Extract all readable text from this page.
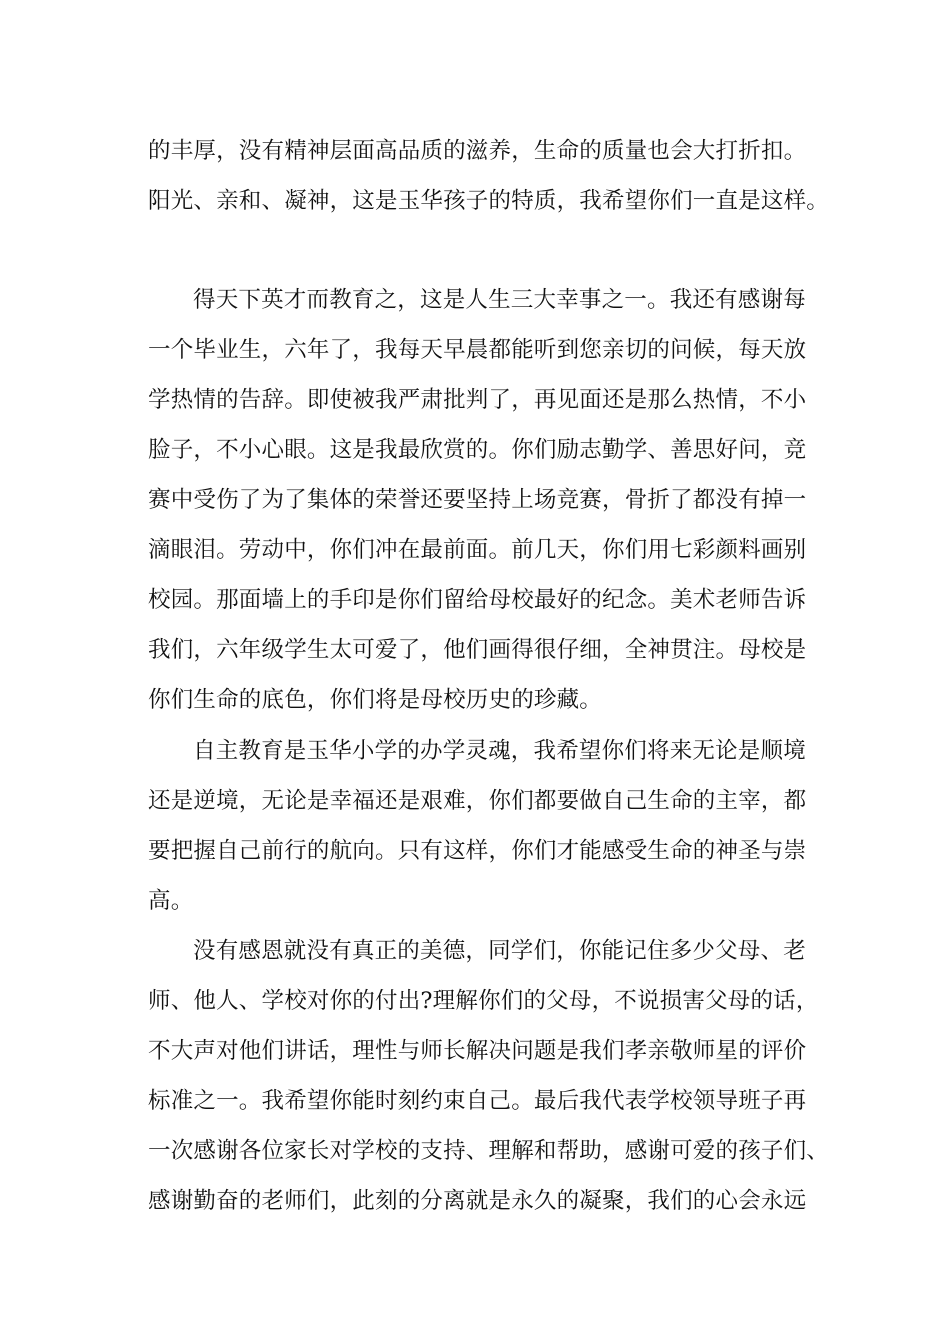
的丰厚，没有精神层面高品质的滋养，生命的质量也会大打折扣。
阳光、亲和、凝神，这是玉华孩子的特质，我希望你们一直是这样。
得天下英才而教育之，这是人生三大幸事之一。我还有感谢每
一个毕业生，六年了，我每天早晨都能听到您亲切的问候，每天放
学热情的告辞。即使被我严肃批判了，再见面还是那么热情，不小
脸子，不小心眼。这是我最欣赏的。你们励志勤学、善思好问，竞
赛中受伤了为了集体的荣誉还要坚持上场竞赛，骨折了都没有掉一
滴眼泪。劳动中，你们冲在最前面。前几天，你们用七彩颜料画别
校园。那面墙上的手印是你们留给母校最好的纪念。美术老师告诉
我们，六年级学生太可爱了，他们画得很仔细，全神贯注。母校是
你们生命的底色，你们将是母校历史的珍藏。
自主教育是玉华小学的办学灵魂，我希望你们将来无论是顺境
还是逆境，无论是幸福还是艰难，你们都要做自己生命的主宰，都
要把握自己前行的航向。只有这样，你们才能感受生命的神圣与崇
高。
没有感恩就没有真正的美德，同学们，你能记住多少父母、老
师、他人、学校对你的付出?理解你们的父母，不说损害父母的话，
不大声对他们讲话，理性与师长解决问题是我们孝亲敬师星的评价
标准之一。我希望你能时刻约束自己。最后我代表学校领导班子再
一次感谢各位家长对学校的支持、理解和帮助，感谢可爱的孩子们、
感谢勤奋的老师们，此刻的分离就是永久的凝聚，我们的心会永远
